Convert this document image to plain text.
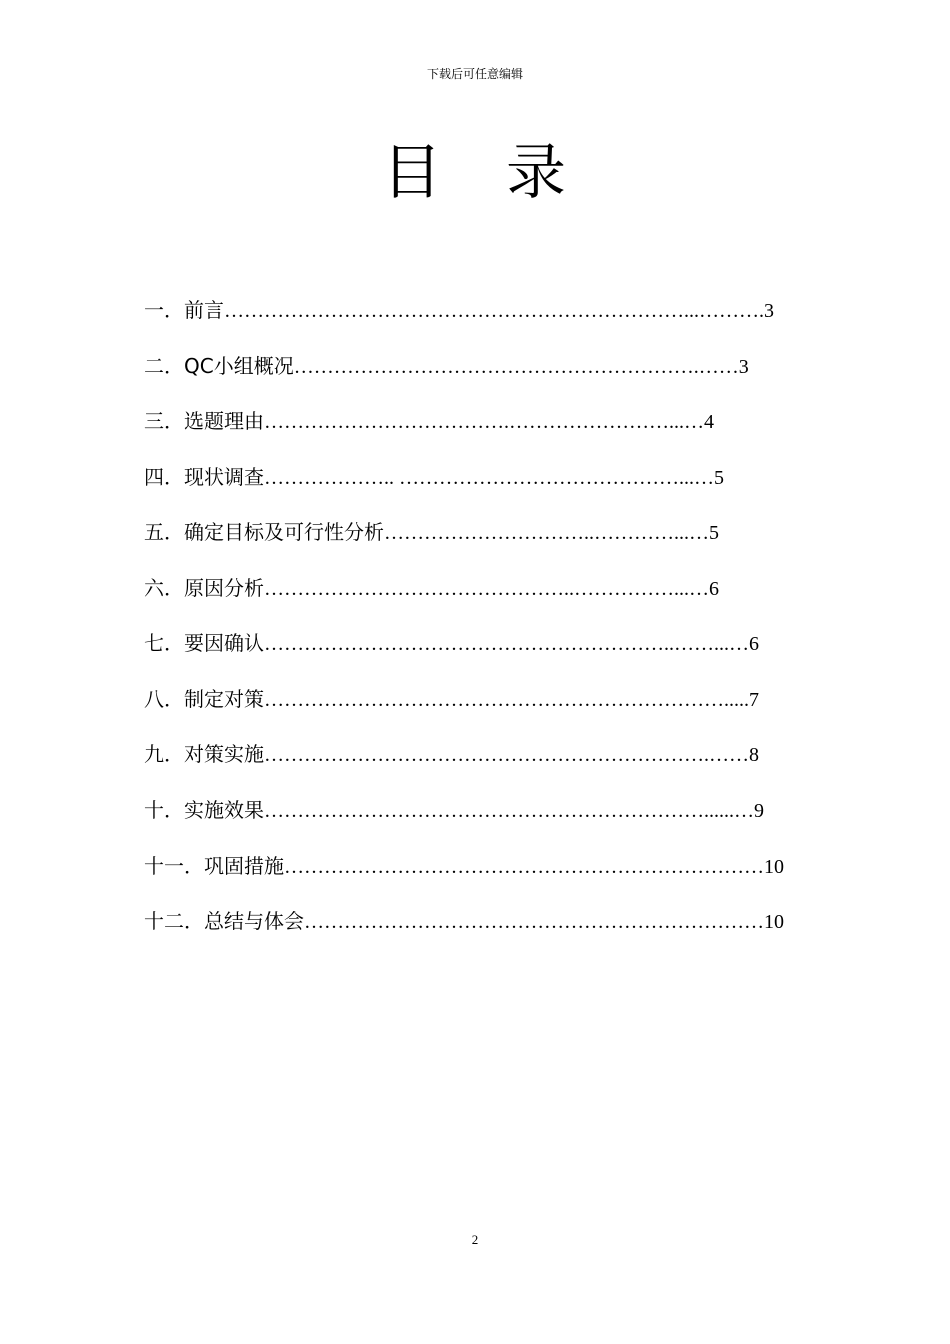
下载后可任意编辑
目　录
一．前言……………………………………………………………...……….3
二．QC小组概况…………………………………………………….……3
三．选题理由……………………………….……………………...…4
四．现状调查……………….. ……………………………………...…5
五．确定目标及可行性分析…………………………..…………...…5
六．原因分析………………………………………..……………...…6
七．要因确认……………………………………………………..……...…6
八．制定对策…………………………………………………………….....7
九．对策实施………………………………………………………….……8
十．实施效果…………………………………………………………......…9
十一．巩固措施………………………………………………………………10
十二．总结与体会……………………………………………………………10
2
